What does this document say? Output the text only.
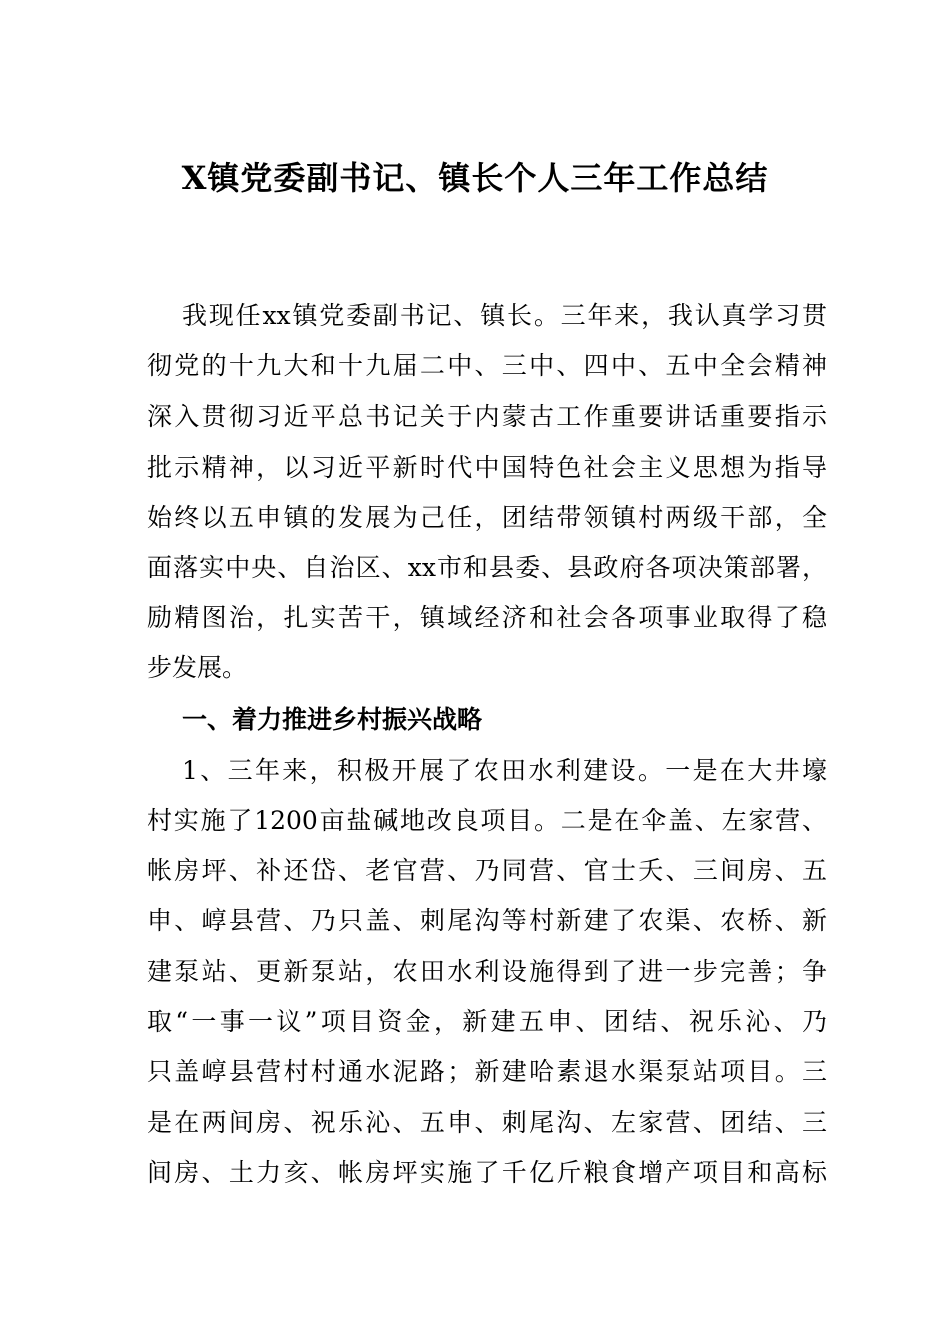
X镇党委副书记、镇长个人三年工作总结
我现任xx镇党委副书记、镇长。三年来，我认真学习贯
彻党的十九大和十九届二中、三中、四中、五中全会精神
深入贯彻习近平总书记关于内蒙古工作重要讲话重要指示
批示精神，以习近平新时代中国特色社会主义思想为指导
始终以五申镇的发展为己任，团结带领镇村两级干部，全
面落实中央、自治区、xx市和县委、县政府各项决策部署，
励精图治，扎实苦干，镇域经济和社会各项事业取得了稳
步发展。
一、着力推进乡村振兴战略
1、三年来，积极开展了农田水利建设。一是在大井壕
村实施了1200亩盐碱地改良项目。二是在伞盖、左家营、
帐房坪、补还岱、老官营、乃同营、官士夭、三间房、五
申、崞县营、乃只盖、刺尾沟等村新建了农渠、农桥、新
建泵站、更新泵站，农田水利设施得到了进一步完善；争
取“一事一议”项目资金，新建五申、团结、祝乐沁、乃
只盖崞县营村村通水泥路；新建哈素退水渠泵站项目。三
是在两间房、祝乐沁、五申、刺尾沟、左家营、团结、三
间房、土力亥、帐房坪实施了千亿斤粮食增产项目和高标
